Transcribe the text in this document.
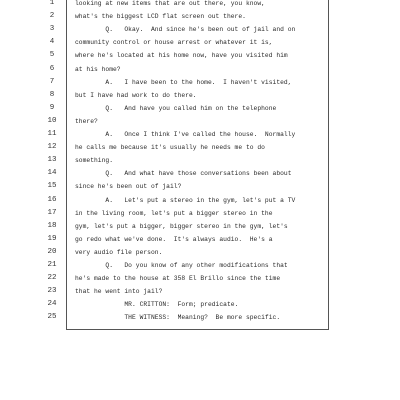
1	looking at new items that are out there, you know,
2	what's the biggest LCD flat screen out there.
3	Q.   Okay.  And since he's been out of jail and on
4	community control or house arrest or whatever it is,
5	where he's located at his home now, have you visited him
6	at his home?
7	A.   I have been to the home.  I haven't visited,
8	but I have had work to do there.
9	Q.   And have you called him on the telephone
10	there?
11	A.   Once I think I've called the house.  Normally
12	he calls me because it's usually he needs me to do
13	something.
14	Q.   And what have those conversations been about
15	since he's been out of jail?
16	A.   Let's put a stereo in the gym, let's put a TV
17	in the living room, let's put a bigger stereo in the
18	gym, let's put a bigger, bigger stereo in the gym, let's
19	go redo what we've done.  It's always audio.  He's a
20	very audio file person.
21	Q.   Do you know of any other modifications that
22	he's made to the house at 358 El Brillo since the time
23	that he went into jail?
24	MR. CRITTON:  Form; predicate.
25	THE WITNESS:  Meaning?  Be more specific.
